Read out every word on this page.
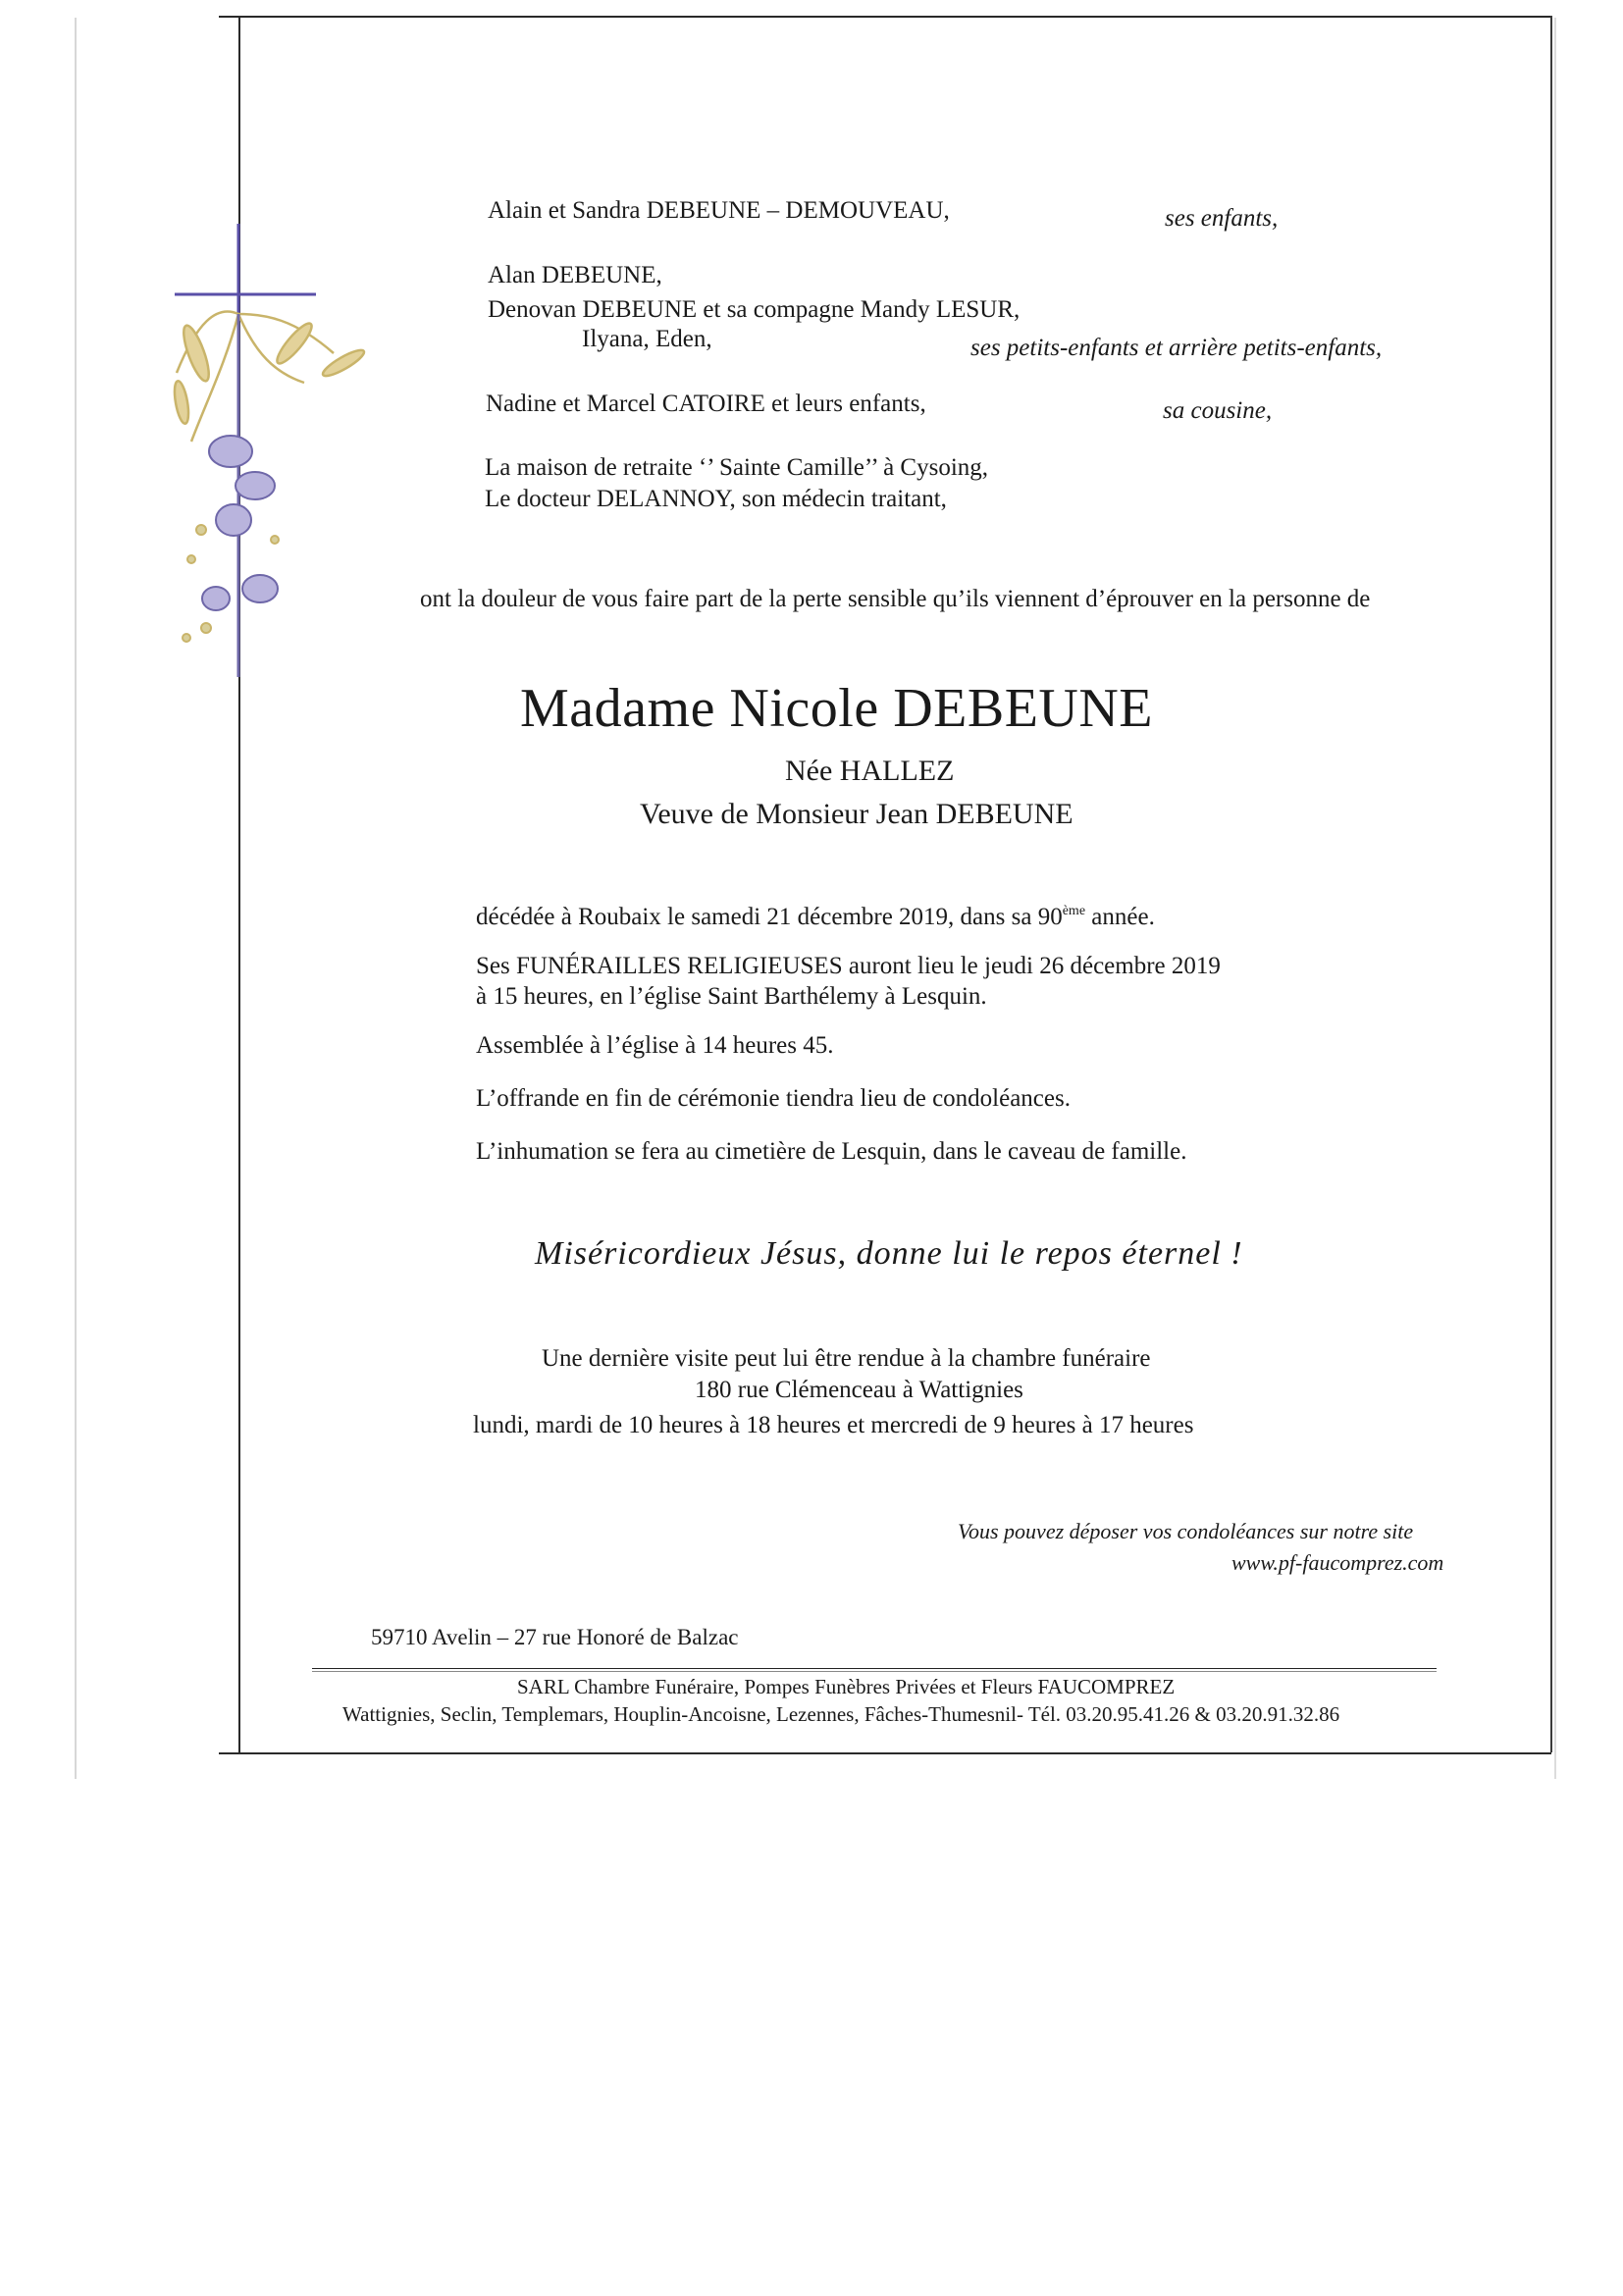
Alain et Sandra DEBEUNE – DEMOUVEAU,	ses enfants,
Alan DEBEUNE,
Denovan DEBEUNE et sa compagne Mandy LESUR,
Ilyana, Eden,	ses petits-enfants et arrière petits-enfants,
Nadine et Marcel CATOIRE et leurs enfants,	sa cousine,
La maison de retraite ‘’ Sainte Camille’’ à Cysoing,
Le docteur DELANNOY, son médecin traitant,
ont la douleur de vous faire part de la perte sensible qu’ils viennent d’éprouver en la personne de
Madame Nicole DEBEUNE
Née HALLEZ
Veuve de Monsieur Jean DEBEUNE
décédée à Roubaix le samedi 21 décembre 2019, dans sa 90ème année.
Ses FUNÉRAILLES RELIGIEUSES auront lieu le jeudi 26 décembre 2019
à 15 heures, en l’église Saint Barthélemy à Lesquin.
Assemblée à l’église à 14 heures 45.
L’offrande en fin de cérémonie tiendra lieu de condoléances.
L’inhumation se fera au cimetière de Lesquin, dans le caveau de famille.
Miséricordieux Jésus, donne lui le repos éternel !
Une dernière visite peut lui être rendue à la chambre funéraire
180 rue Clémenceau à Wattignies
lundi, mardi de 10 heures à 18 heures et mercredi de 9 heures à 17 heures
Vous pouvez déposer vos condoléances sur notre site
www.pf-faucomprez.com
59710 Avelin – 27 rue Honoré de Balzac
SARL Chambre Funéraire, Pompes Funèbres Privées et Fleurs FAUCOMPREZ
Wattignies, Seclin, Templemars, Houplin-Ancoisne, Lezennes, Fâches-Thumesnil- Tél. 03.20.95.41.26 & 03.20.91.32.86
